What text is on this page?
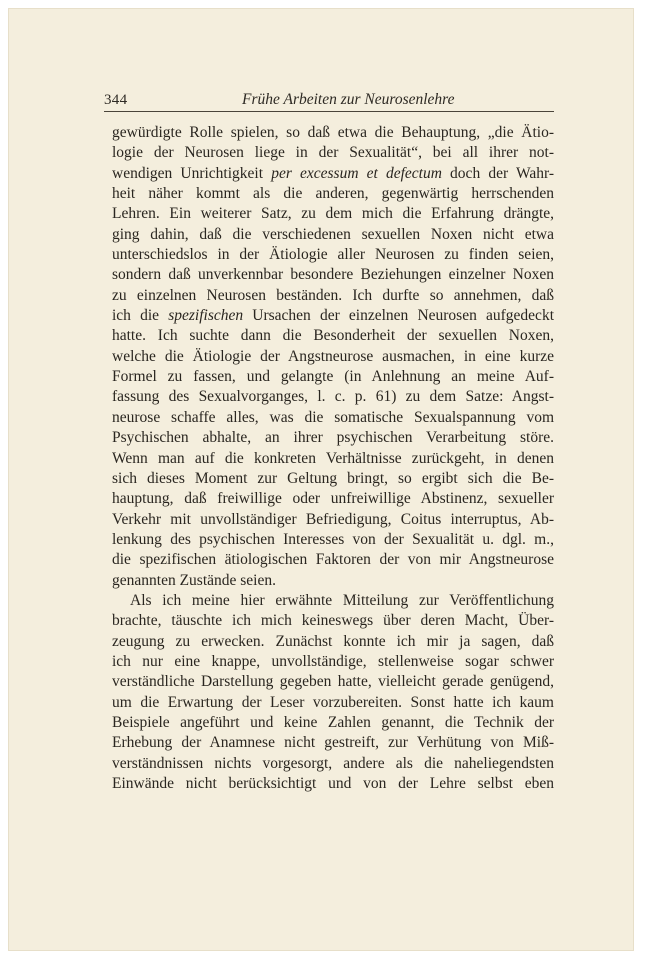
344	Frühe Arbeiten zur Neurosenlehre
gewürdigte Rolle spielen, so daß etwa die Behauptung, „die Ätio-
logie der Neurosen liege in der Sexualität“, bei all ihrer not-
wendigen Unrichtigkeit per excessum et defectum doch der Wahr-
heit näher kommt als die anderen, gegenwärtig herrschenden
Lehren. Ein weiterer Satz, zu dem mich die Erfahrung drängte,
ging dahin, daß die verschiedenen sexuellen Noxen nicht etwa
unterschiedslos in der Ätiologie aller Neurosen zu finden seien,
sondern daß unverkennbar besondere Beziehungen einzelner Noxen
zu einzelnen Neurosen beständen. Ich durfte so annehmen, daß
ich die spezifischen Ursachen der einzelnen Neurosen aufgedeckt
hatte. Ich suchte dann die Besonderheit der sexuellen Noxen,
welche die Ätiologie der Angstneurose ausmachen, in eine kurze
Formel zu fassen, und gelangte (in Anlehnung an meine Auf-
fassung des Sexualvorganges, l. c. p. 61) zu dem Satze: Angst-
neurose schaffe alles, was die somatische Sexualspannung vom
Psychischen abhalte, an ihrer psychischen Verarbeitung störe.
Wenn man auf die konkreten Verhältnisse zurückgeht, in denen
sich dieses Moment zur Geltung bringt, so ergibt sich die Be-
hauptung, daß freiwillige oder unfreiwillige Abstinenz, sexueller
Verkehr mit unvollständiger Befriedigung, Coitus interruptus, Ab-
lenkung des psychischen Interesses von der Sexualität u. dgl. m.,
die spezifischen ätiologischen Faktoren der von mir Angstneurose
genannten Zustände seien.
Als ich meine hier erwähnte Mitteilung zur Veröffentlichung
brachte, täuschte ich mich keineswegs über deren Macht, Über-
zeugung zu erwecken. Zunächst konnte ich mir ja sagen, daß
ich nur eine knappe, unvollständige, stellenweise sogar schwer
verständliche Darstellung gegeben hatte, vielleicht gerade genügend,
um die Erwartung der Leser vorzubereiten. Sonst hatte ich kaum
Beispiele angeführt und keine Zahlen genannt, die Technik der
Erhebung der Anamnese nicht gestreift, zur Verhütung von Miß-
verständnissen nichts vorgesorgt, andere als die naheliegendsten
Einwände nicht berücksichtigt und von der Lehre selbst eben
